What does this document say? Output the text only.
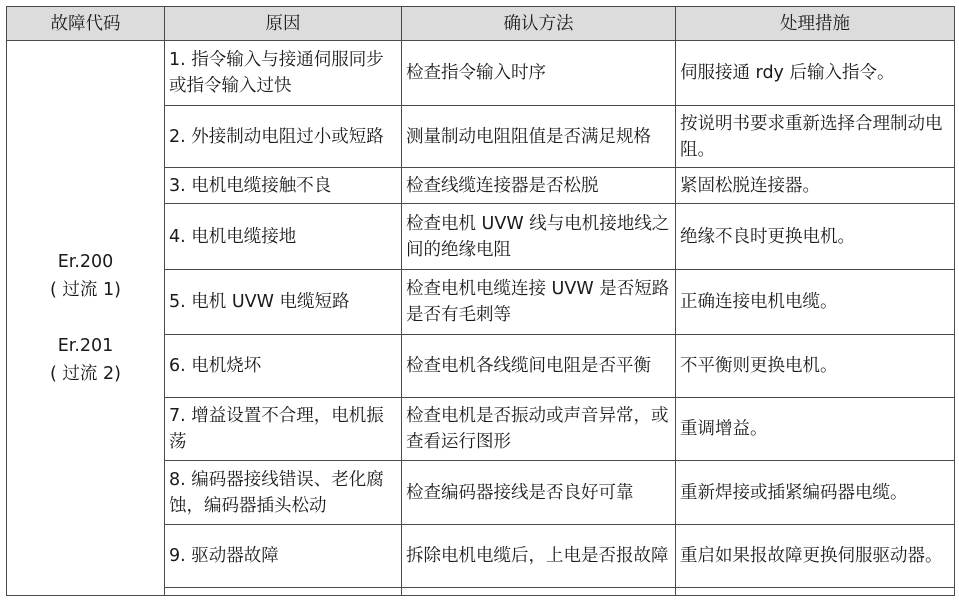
故障代码	原因	确认方法	处理措施

Er.200
( 过流 1)
Er.201
( 过流 2)	1. 指令输入与接通伺服同步或指令输入过快	检查指令输入时序	伺服接通 rdy 后输入指令。
	2. 外接制动电阻过小或短路	测量制动电阻阻值是否满足规格	按说明书要求重新选择合理制动电阻。
	3. 电机电缆接触不良	检查线缆连接器是否松脱	紧固松脱连接器。
	4. 电机电缆接地	检查电机 UVW 线与电机接地线之间的绝缘电阻	绝缘不良时更换电机。
	5. 电机 UVW 电缆短路	检查电机电缆连接 UVW 是否短路是否有毛刺等	正确连接电机电缆。
	6. 电机烧坏	检查电机各线缆间电阻是否平衡	不平衡则更换电机。
	7. 增益设置不合理，电机振荡	检查电机是否振动或声音异常，或查看运行图形	重调增益。
	8. 编码器接线错误、老化腐蚀，编码器插头松动	检查编码器接线是否良好可靠	重新焊接或插紧编码器电缆。
	9. 驱动器故障	拆除电机电缆后，上电是否报故障	重启如果报故障更换伺服驱动器。
